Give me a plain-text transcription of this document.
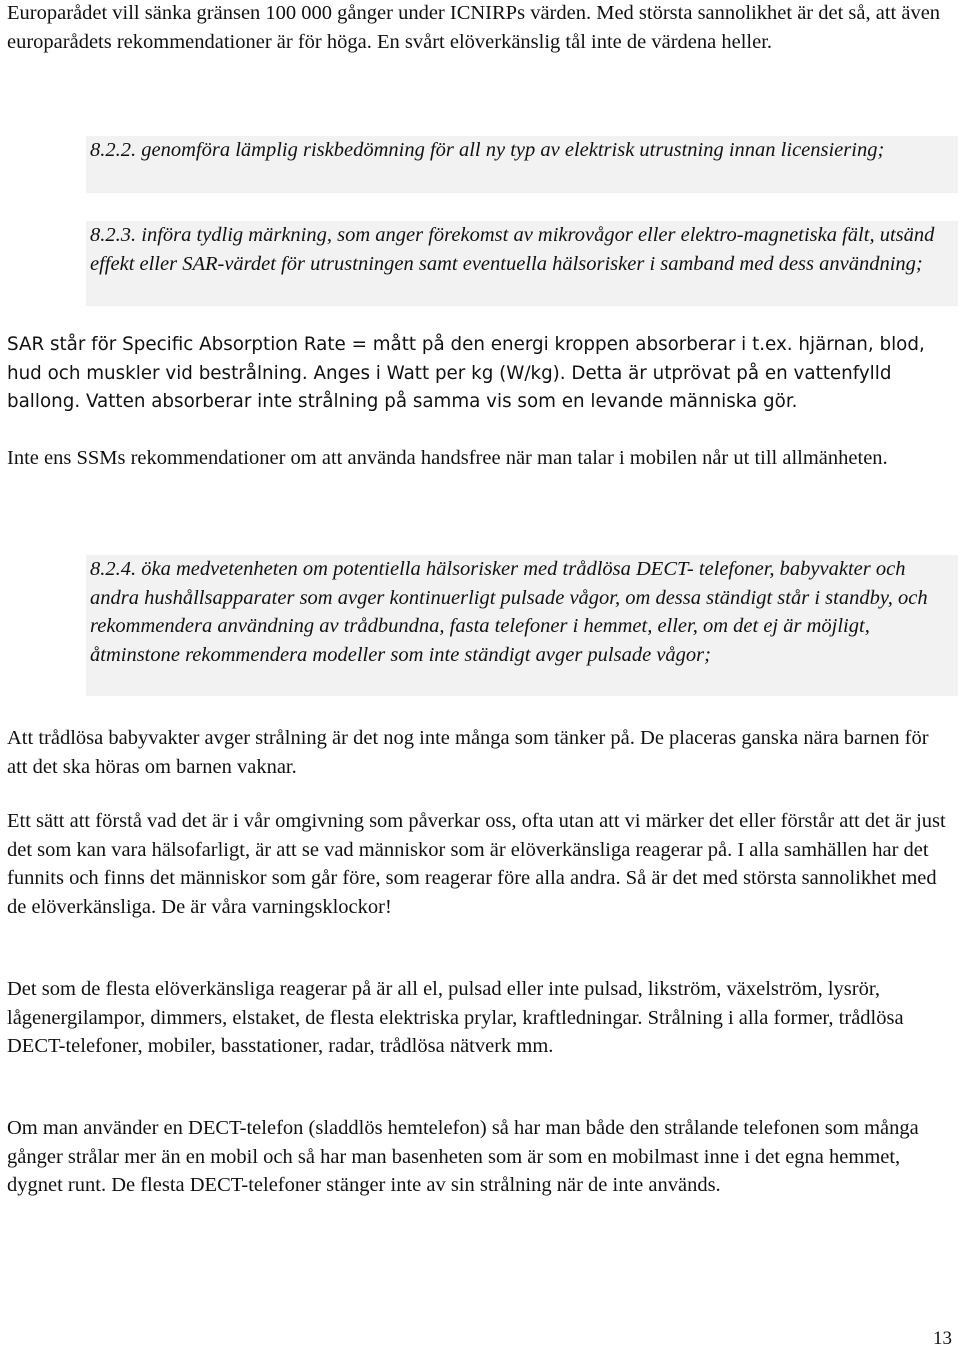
Europarådet vill sänka gränsen 100 000 gånger under ICNIRPs värden. Med största sannolikhet är det så, att även europarådets rekommendationer är för höga. En svårt elöverkänslig tål inte de värdena heller.

8.2.2. genomföra lämplig riskbedömning för all ny typ av elektrisk utrustning innan licensiering;

8.2.3. införa tydlig märkning, som anger förekomst av mikrovågor eller elektro-magnetiska fält, utsänd effekt eller SAR-värdet för utrustningen samt eventuella hälsorisker i samband med dess användning;

SAR står för Specific Absorption Rate = mått på den energi kroppen absorberar i t.ex. hjärnan, blod, hud och muskler vid bestrålning. Anges i Watt per kg (W/kg). Detta är utprövat på en vattenfylld ballong. Vatten absorberar inte strålning på samma vis som en levande människa gör.

Inte ens SSMs rekommendationer om att använda handsfree när man talar i mobilen når ut till allmänheten.

8.2.4. öka medvetenheten om potentiella hälsorisker med trådlösa DECT- telefoner, babyvakter och andra hushållsapparater som avger kontinuerligt pulsade vågor, om dessa ständigt står i standby, och rekommendera användning av trådbundna, fasta telefoner i hemmet, eller, om det ej är möjligt, åtminstone rekommendera modeller som inte ständigt avger pulsade vågor;

Att trådlösa babyvakter avger strålning är det nog inte många som tänker på. De placeras ganska nära barnen för att det ska höras om barnen vaknar.

Ett sätt att förstå vad det är i vår omgivning som påverkar oss, ofta utan att vi märker det eller förstår att det är just det som kan vara hälsofarligt, är att se vad människor som är elöverkänsliga reagerar på. I alla samhällen har det funnits och finns det människor som går före, som reagerar före alla andra. Så är det med största sannolikhet med de elöverkänsliga. De är våra varningsklockor!

Det som de flesta elöverkänsliga reagerar på är all el, pulsad eller inte pulsad, likström, växelström, lysrör, lågenergilampor, dimmers, elstaket, de flesta elektriska prylar, kraftledningar. Strålning i alla former, trådlösa DECT-telefoner, mobiler, basstationer, radar, trådlösa nätverk mm.

Om man använder en DECT-telefon (sladdlös hemtelefon) så har man både den strålande telefonen som många gånger strålar mer än en mobil och så har man basenheten som är som en mobilmast inne i det egna hemmet, dygnet runt. De flesta DECT-telefoner stänger inte av sin strålning när de inte används.

13
